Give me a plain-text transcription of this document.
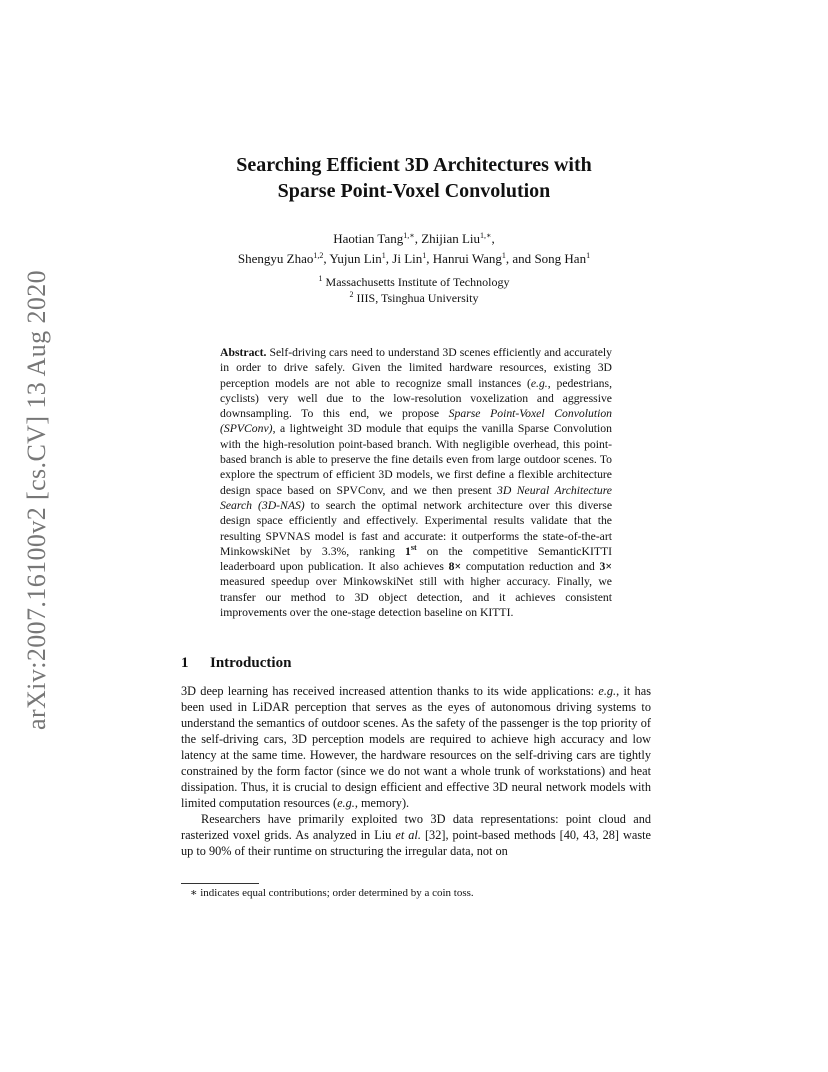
arXiv:2007.16100v2 [cs.CV] 13 Aug 2020
Searching Efficient 3D Architectures with
Sparse Point-Voxel Convolution
Haotian Tang$^{1,∗}$, Zhijian Liu$^{1,∗}$,
Shengyu Zhao$^{1,2}$, Yujun Lin$^1$, Ji Lin$^1$, Hanrui Wang$^1$, and Song Han$^1$
$^1$ Massachusetts Institute of Technology
$^2$ IIIS, Tsinghua University
Abstract. Self-driving cars need to understand 3D scenes efficiently and accurately in order to drive safely. Given the limited hardware resources, existing 3D perception models are not able to recognize small instances (e.g., pedestrians, cyclists) very well due to the low-resolution voxelization and aggressive downsampling. To this end, we propose Sparse Point-Voxel Convolution (SPVConv), a lightweight 3D module that equips the vanilla Sparse Convolution with the high-resolution point-based branch. With negligible overhead, this point-based branch is able to preserve the fine details even from large outdoor scenes. To explore the spectrum of efficient 3D models, we first define a flexible architecture design space based on SPVConv, and we then present 3D Neural Architecture Search (3D-NAS) to search the optimal network architecture over this diverse design space efficiently and effectively. Experimental results validate that the resulting SPVNAS model is fast and accurate: it outperforms the state-of-the-art MinkowskiNet by 3.3%, ranking 1st on the competitive SemanticKITTI leaderboard upon publication. It also achieves 8× computation reduction and 3× measured speedup over MinkowskiNet still with higher accuracy. Finally, we transfer our method to 3D object detection, and it achieves consistent improvements over the one-stage detection baseline on KITTI.
1 Introduction

3D deep learning has received increased attention thanks to its wide applications: e.g., it has been used in LiDAR perception that serves as the eyes of autonomous driving systems to understand the semantics of outdoor scenes. As the safety of the passenger is the top priority of the self-driving cars, 3D perception models are required to achieve high accuracy and low latency at the same time. However, the hardware resources on the self-driving cars are tightly constrained by the form factor (since we do not want a whole trunk of workstations) and heat dissipation. Thus, it is crucial to design efficient and effective 3D neural network models with limited computation resources (e.g., memory).

Researchers have primarily exploited two 3D data representations: point cloud and rasterized voxel grids. As analyzed in Liu et al. [32], point-based methods [40, 43, 28] waste up to 90% of their runtime on structuring the irregular data, not on

∗ indicates equal contributions; order determined by a coin toss.
